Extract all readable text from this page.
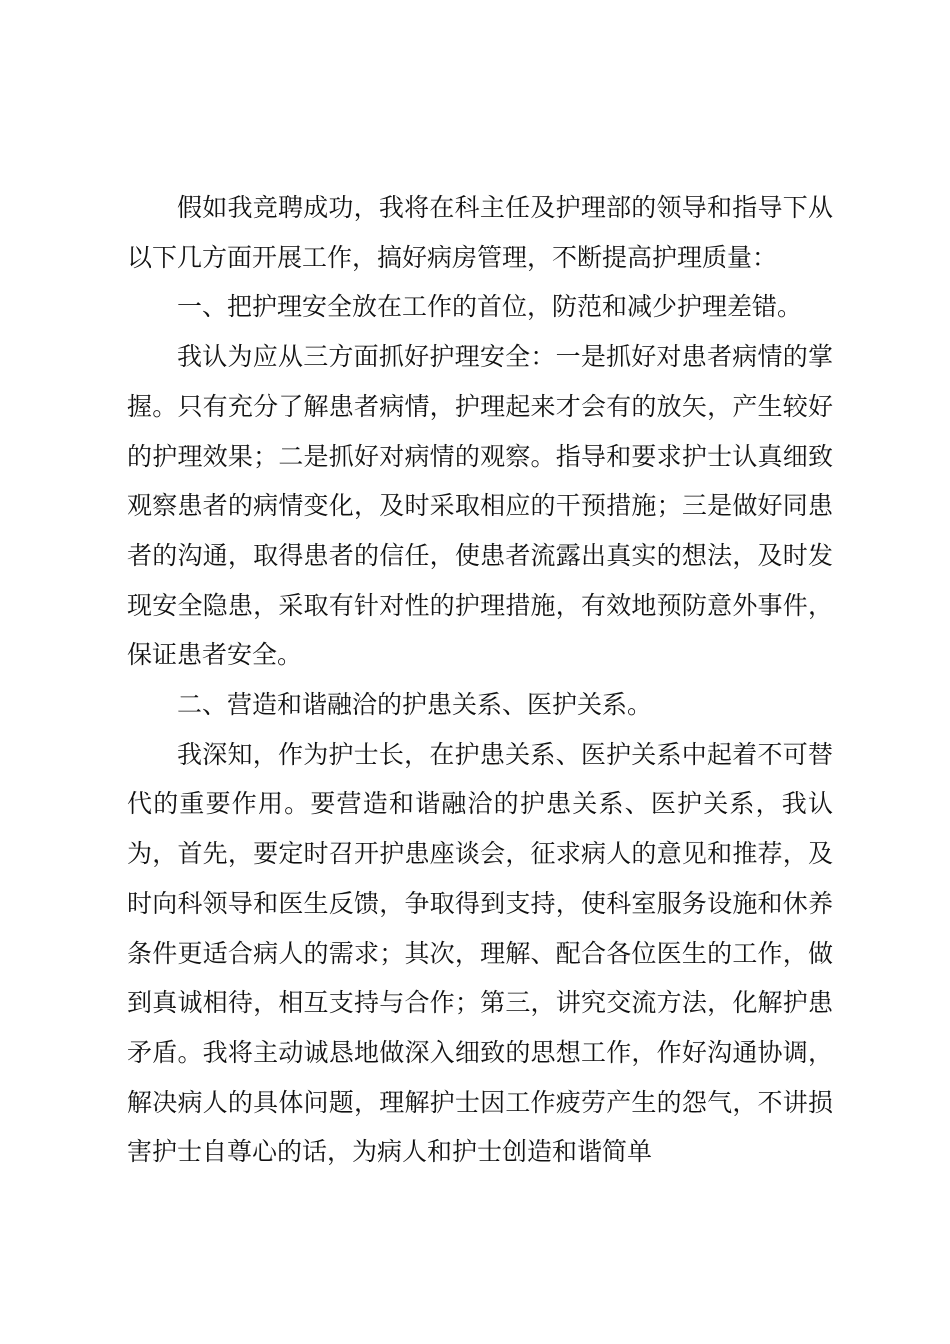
假如我竞聘成功，我将在科主任及护理部的领导和指导下从以下几方面开展工作，搞好病房管理，不断提高护理质量：

一、把护理安全放在工作的首位，防范和减少护理差错。

我认为应从三方面抓好护理安全：一是抓好对患者病情的掌握。只有充分了解患者病情，护理起来才会有的放矢，产生较好的护理效果；二是抓好对病情的观察。指导和要求护士认真细致观察患者的病情变化，及时采取相应的干预措施；三是做好同患者的沟通，取得患者的信任，使患者流露出真实的想法，及时发现安全隐患，采取有针对性的护理措施，有效地预防意外事件，保证患者安全。

二、营造和谐融洽的护患关系、医护关系。

我深知，作为护士长，在护患关系、医护关系中起着不可替代的重要作用。要营造和谐融洽的护患关系、医护关系，我认为，首先，要定时召开护患座谈会，征求病人的意见和推荐，及时向科领导和医生反馈，争取得到支持，使科室服务设施和休养条件更适合病人的需求；其次，理解、配合各位医生的工作，做到真诚相待，相互支持与合作；第三，讲究交流方法，化解护患矛盾。我将主动诚恳地做深入细致的思想工作，作好沟通协调，解决病人的具体问题，理解护士因工作疲劳产生的怨气，不讲损害护士自尊心的话，为病人和护士创造和谐简单
